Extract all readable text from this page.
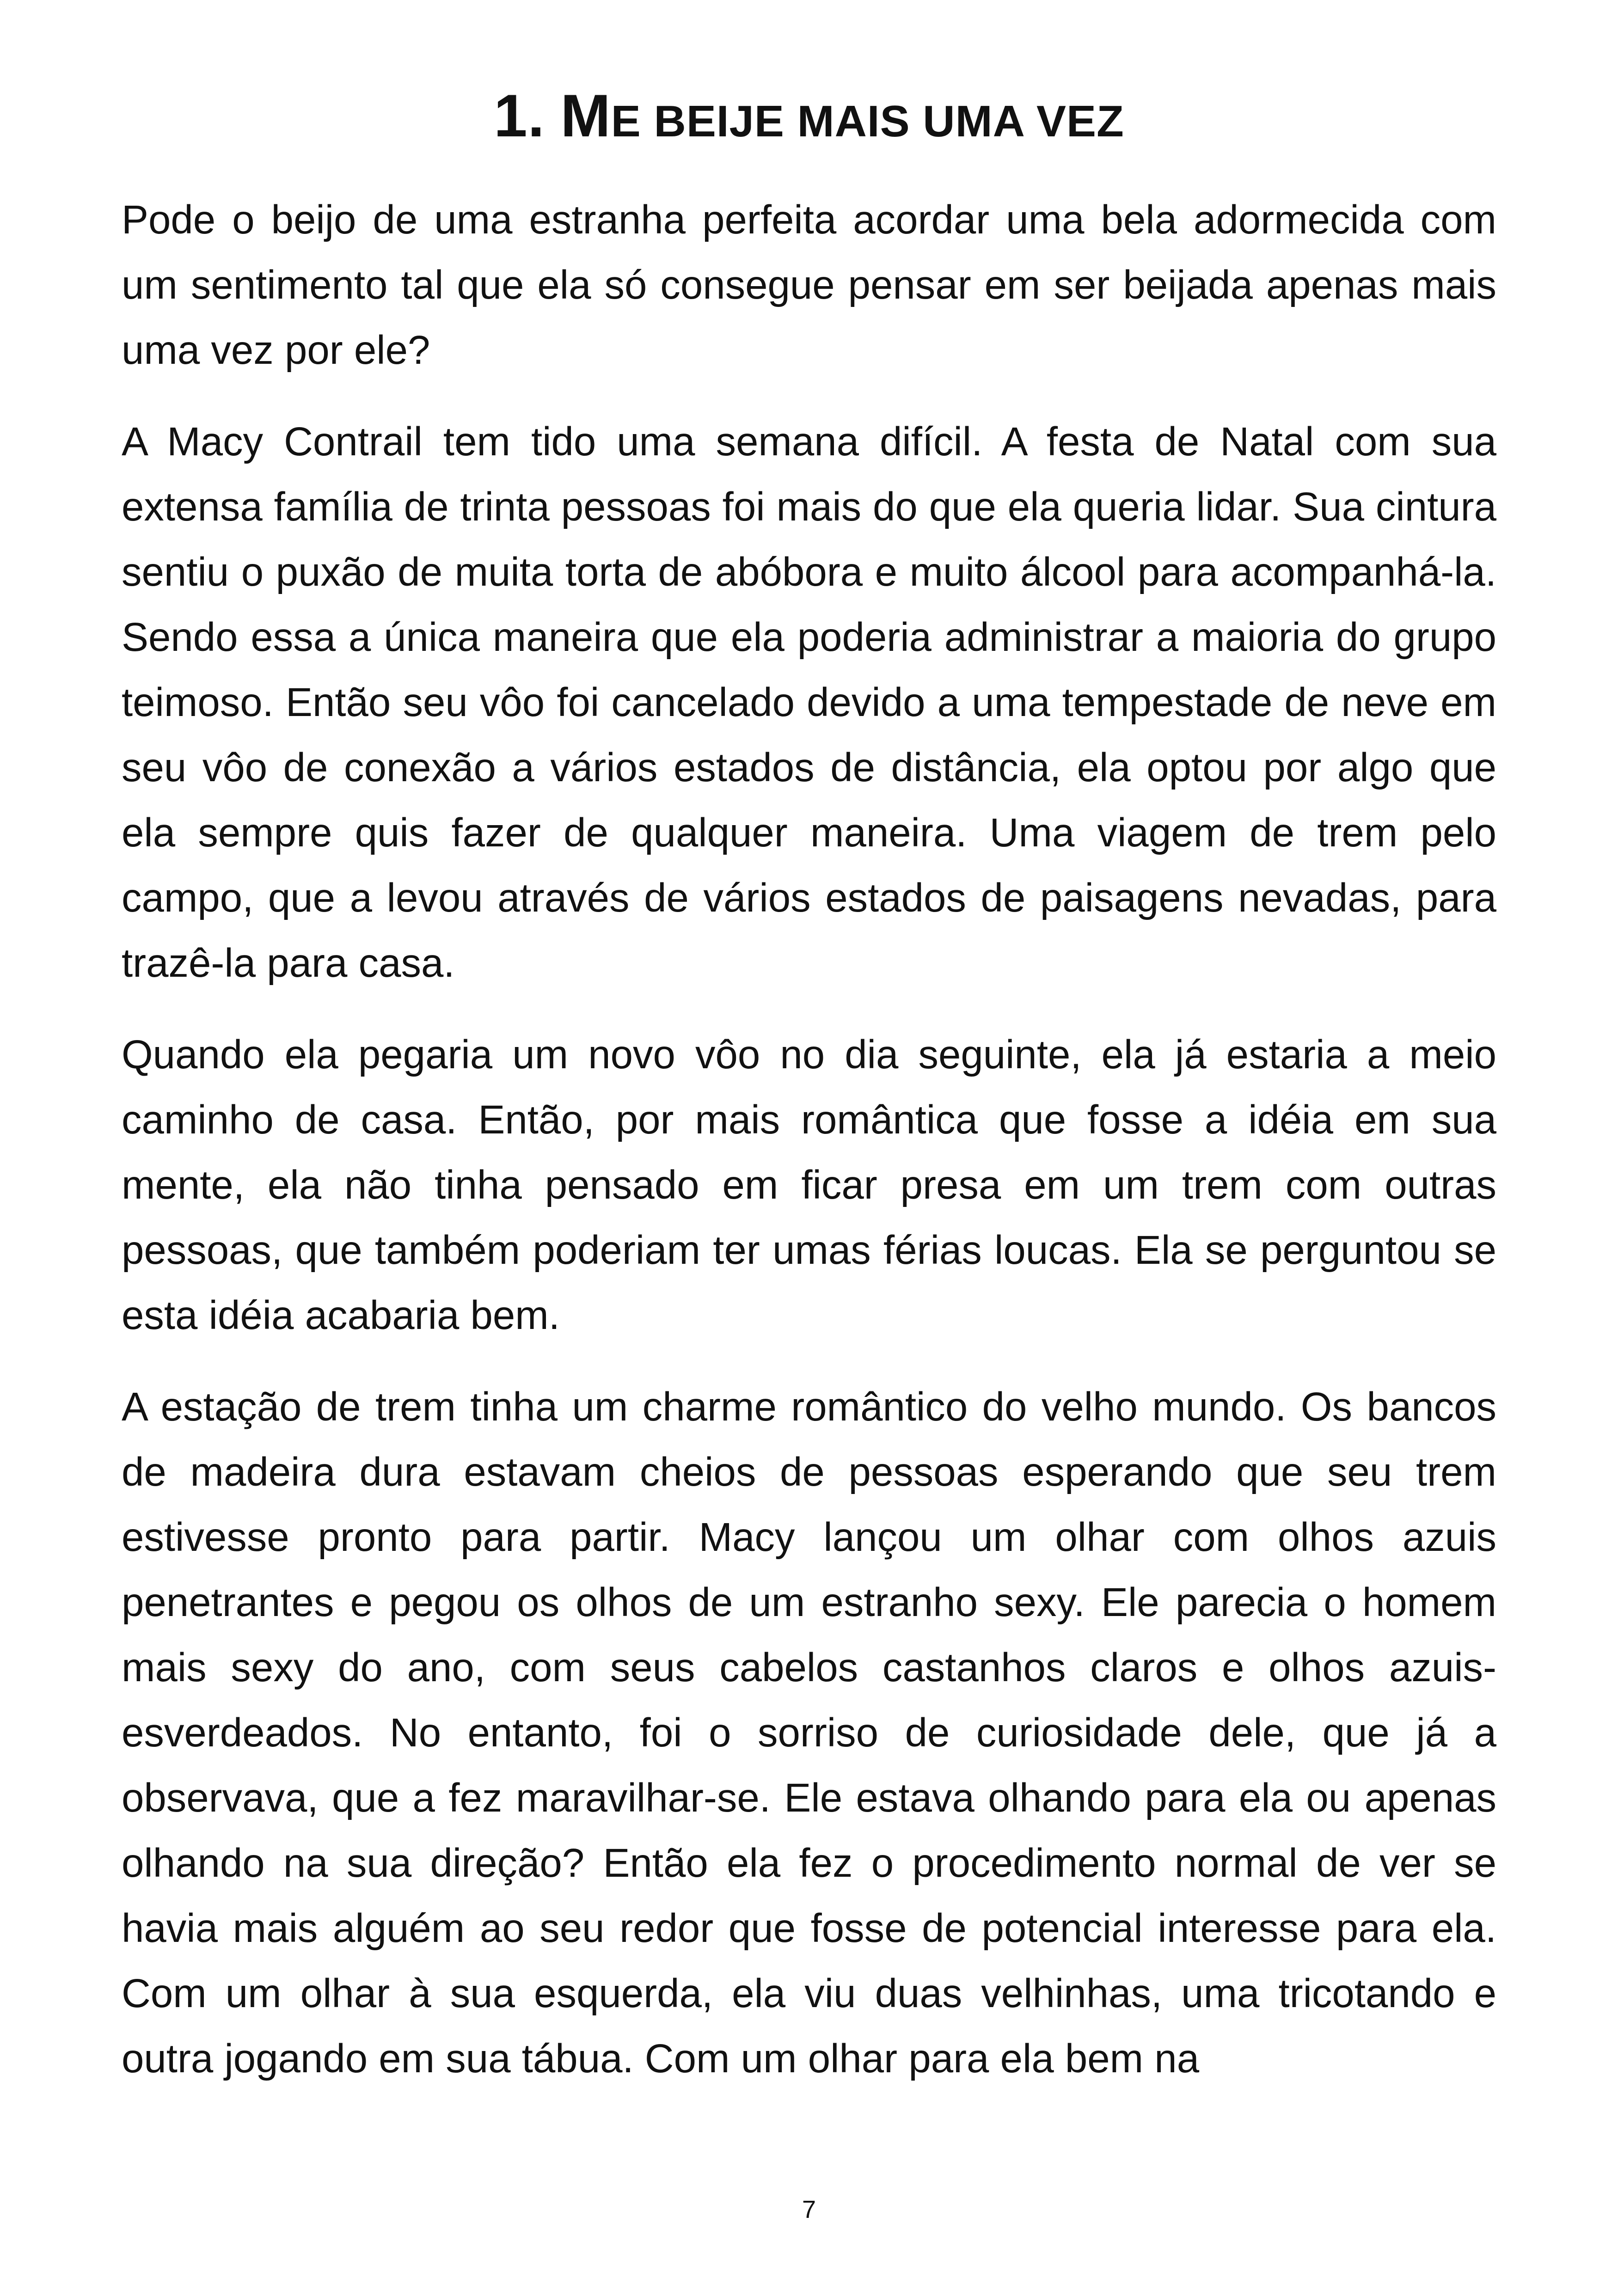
1. ME BEIJE MAIS UMA VEZ

Pode o beijo de uma estranha perfeita acordar uma bela adormecida com um sentimento tal que ela só consegue pensar em ser beijada apenas mais uma vez por ele?

A Macy Contrail tem tido uma semana difícil. A festa de Natal com sua extensa família de trinta pessoas foi mais do que ela queria lidar. Sua cintura sentiu o puxão de muita torta de abóbora e muito álcool para acompanhá-la. Sendo essa a única maneira que ela poderia administrar a maioria do grupo teimoso. Então seu vôo foi cancelado devido a uma tempestade de neve em seu vôo de conexão a vários estados de distância, ela optou por algo que ela sempre quis fazer de qualquer maneira. Uma viagem de trem pelo campo, que a levou através de vários estados de paisagens nevadas, para trazê-la para casa.

Quando ela pegaria um novo vôo no dia seguinte, ela já estaria a meio caminho de casa. Então, por mais romântica que fosse a idéia em sua mente, ela não tinha pensado em ficar presa em um trem com outras pessoas, que também poderiam ter umas férias loucas. Ela se perguntou se esta idéia acabaria bem.

A estação de trem tinha um charme romântico do velho mundo. Os bancos de madeira dura estavam cheios de pessoas esperando que seu trem estivesse pronto para partir. Macy lançou um olhar com olhos azuis penetrantes e pegou os olhos de um estranho sexy. Ele parecia o homem mais sexy do ano, com seus cabelos castanhos claros e olhos azuis-esverdeados. No entanto, foi o sorriso de curiosidade dele, que já a observava, que a fez maravilhar-se. Ele estava olhando para ela ou apenas olhando na sua direção? Então ela fez o procedimento normal de ver se havia mais alguém ao seu redor que fosse de potencial interesse para ela. Com um olhar à sua esquerda, ela viu duas velhinhas, uma tricotando e outra jogando em sua tábua. Com um olhar para ela bem na

7
